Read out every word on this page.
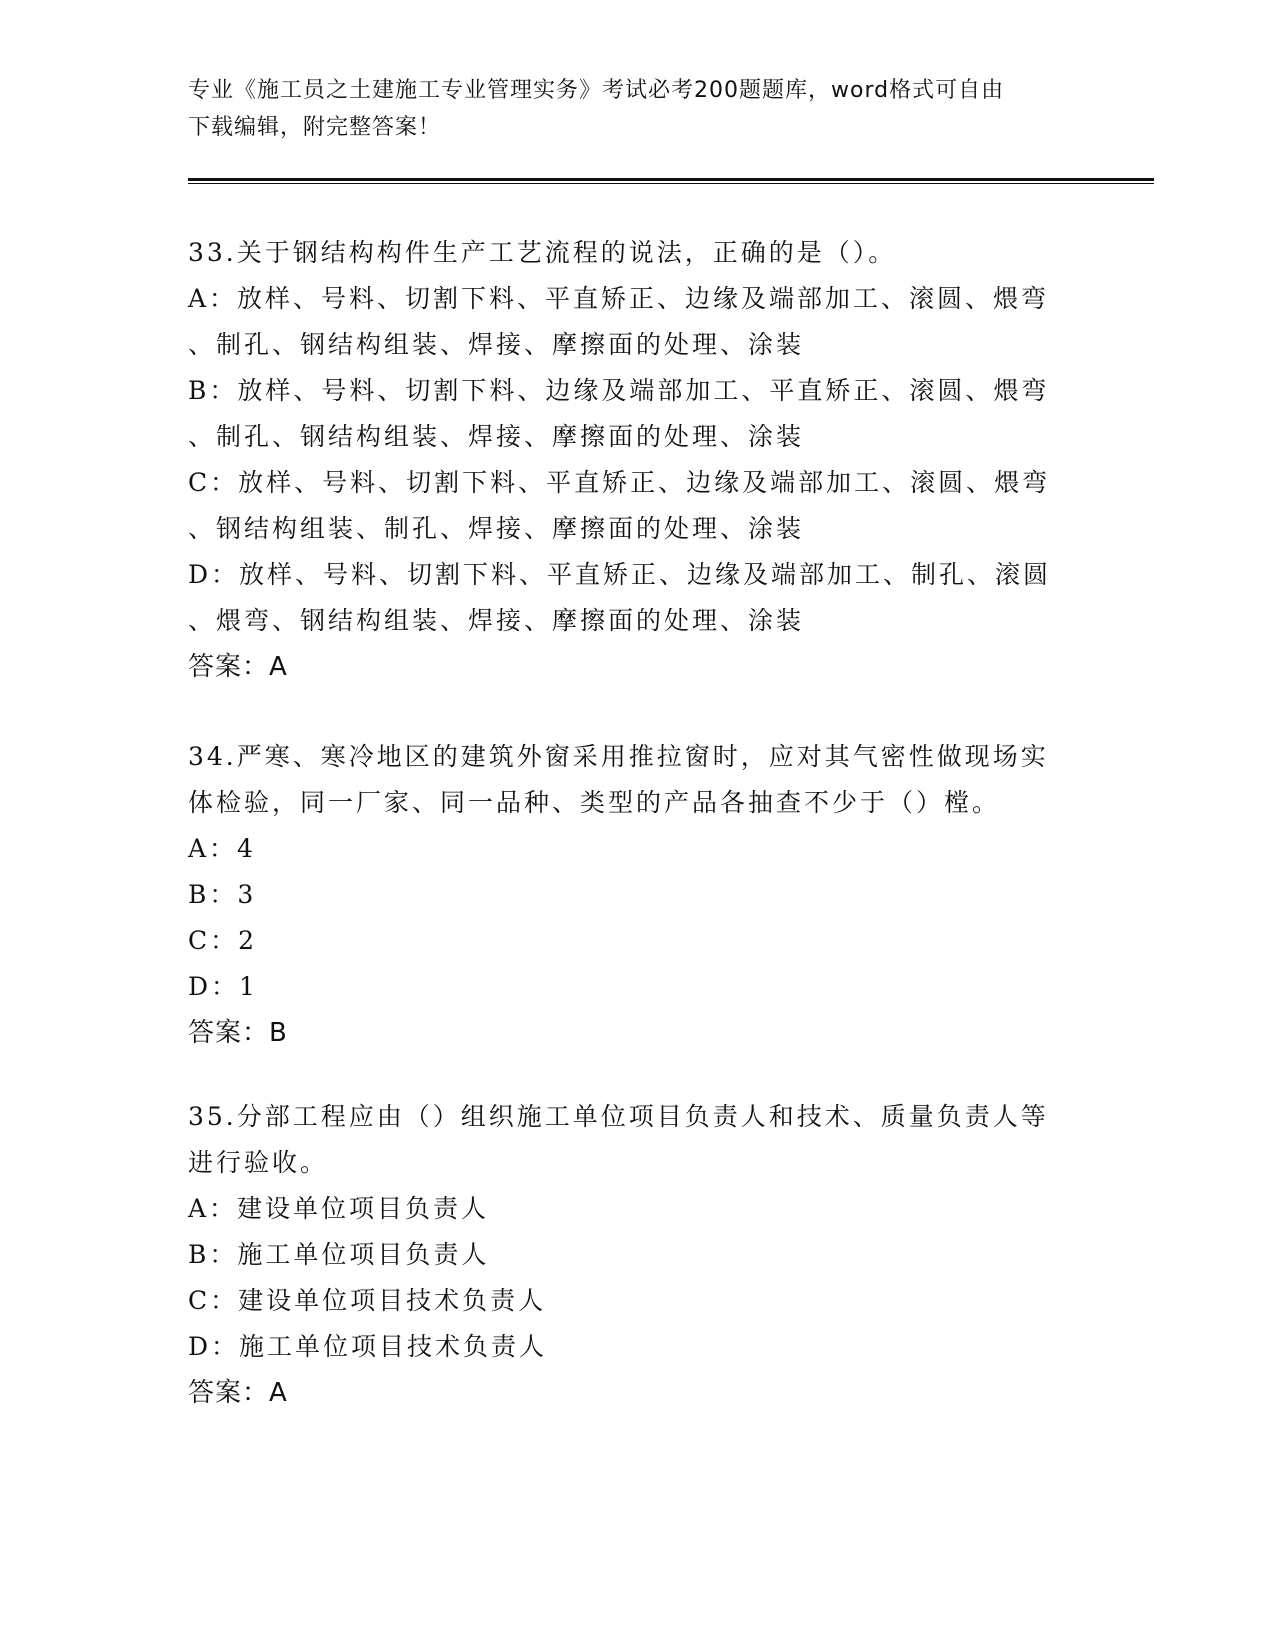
专业《施工员之土建施工专业管理实务》考试必考200题题库，word格式可自由
下载编辑，附完整答案！
33.关于钢结构构件生产工艺流程的说法，正确的是（）。
A：放样、号料、切割下料、平直矫正、边缘及端部加工、滚圆、煨弯
、制孔、钢结构组装、焊接、摩擦面的处理、涂装
B：放样、号料、切割下料、边缘及端部加工、平直矫正、滚圆、煨弯
、制孔、钢结构组装、焊接、摩擦面的处理、涂装
C：放样、号料、切割下料、平直矫正、边缘及端部加工、滚圆、煨弯
、钢结构组装、制孔、焊接、摩擦面的处理、涂装
D：放样、号料、切割下料、平直矫正、边缘及端部加工、制孔、滚圆
、煨弯、钢结构组装、焊接、摩擦面的处理、涂装
答案：A
34.严寒、寒冷地区的建筑外窗采用推拉窗时，应对其气密性做现场实
体检验，同一厂家、同一品种、类型的产品各抽查不少于（）樘。
A：4
B：3
C：2
D：1
答案：B
35.分部工程应由（）组织施工单位项目负责人和技术、质量负责人等
进行验收。
A：建设单位项目负责人
B：施工单位项目负责人
C：建设单位项目技术负责人
D：施工单位项目技术负责人
答案：A
